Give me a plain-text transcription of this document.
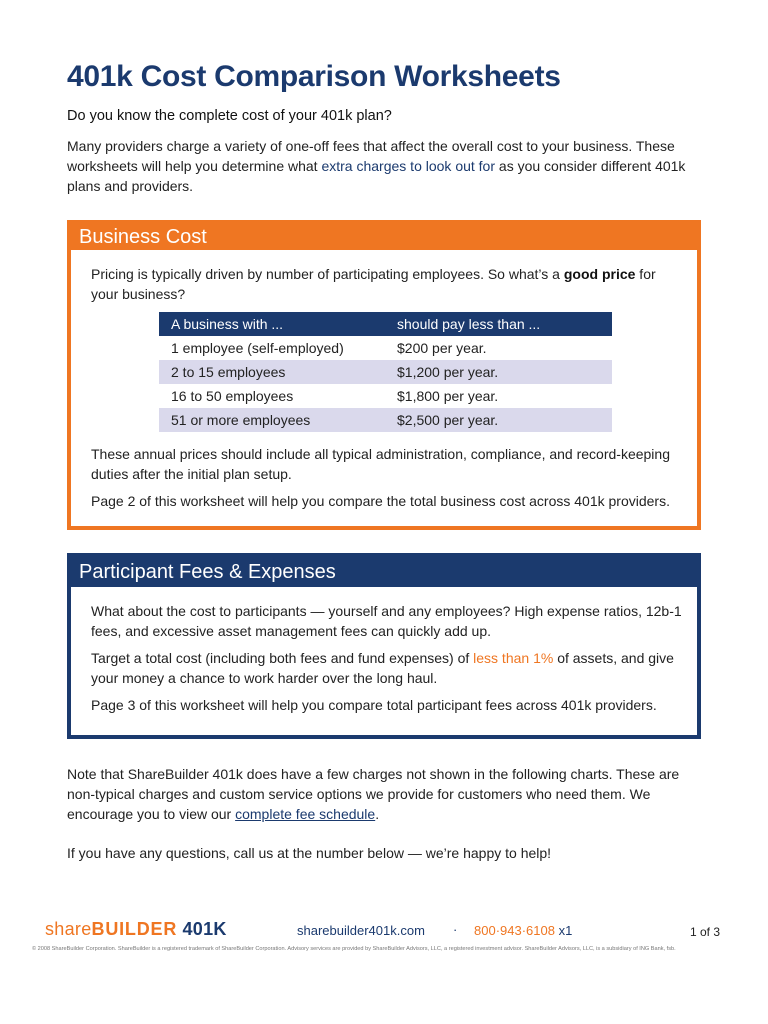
401k Cost Comparison Worksheets

Do you know the complete cost of your 401k plan?

Many providers charge a variety of one-off fees that affect the overall cost to your business. These worksheets will help you determine what extra charges to look out for as you consider different 401k plans and providers.

Business Cost

Pricing is typically driven by number of participating employees. So what’s a good price for your business?

A business with ...	should pay less than ...
1 employee (self-employed)	$200 per year.
2 to 15 employees	$1,200 per year.
16 to 50 employees	$1,800 per year.
51 or more employees	$2,500 per year.

These annual prices should include all typical administration, compliance, and record-keeping duties after the initial plan setup.

Page 2 of this worksheet will help you compare the total business cost across 401k providers.

Participant Fees & Expenses

What about the cost to participants — yourself and any employees? High expense ratios, 12b-1 fees, and excessive asset management fees can quickly add up.

Target a total cost (including both fees and fund expenses) of less than 1% of assets, and give your money a chance to work harder over the long haul.

Page 3 of this worksheet will help you compare total participant fees across 401k providers.

Note that ShareBuilder 401k does have a few charges not shown in the following charts. These are non-typical charges and custom service options we provide for customers who need them. We encourage you to view our complete fee schedule.

If you have any questions, call us at the number below — we’re happy to help!

shareBUILDER 401K	sharebuilder401k.com · 800·943·6108 x1	1 of 3
© 2008 ShareBuilder Corporation. ShareBuilder is a registered trademark of ShareBuilder Corporation. Advisory services are provided by ShareBuilder Advisors, LLC, a registered investment advisor. ShareBuilder Advisors, LLC, is a subsidiary of ING Bank, fsb.
